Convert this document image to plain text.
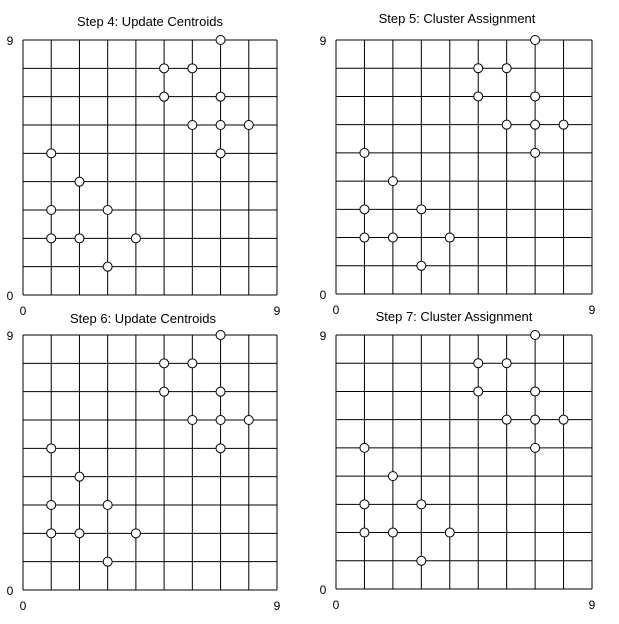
Step 4: Update Centroids
9
0
0	9
Step 5: Cluster Assignment
9
0
0	9
Step 6: Update Centroids
9
0
0	9
Step 7: Cluster Assignment
9
0
0	9
